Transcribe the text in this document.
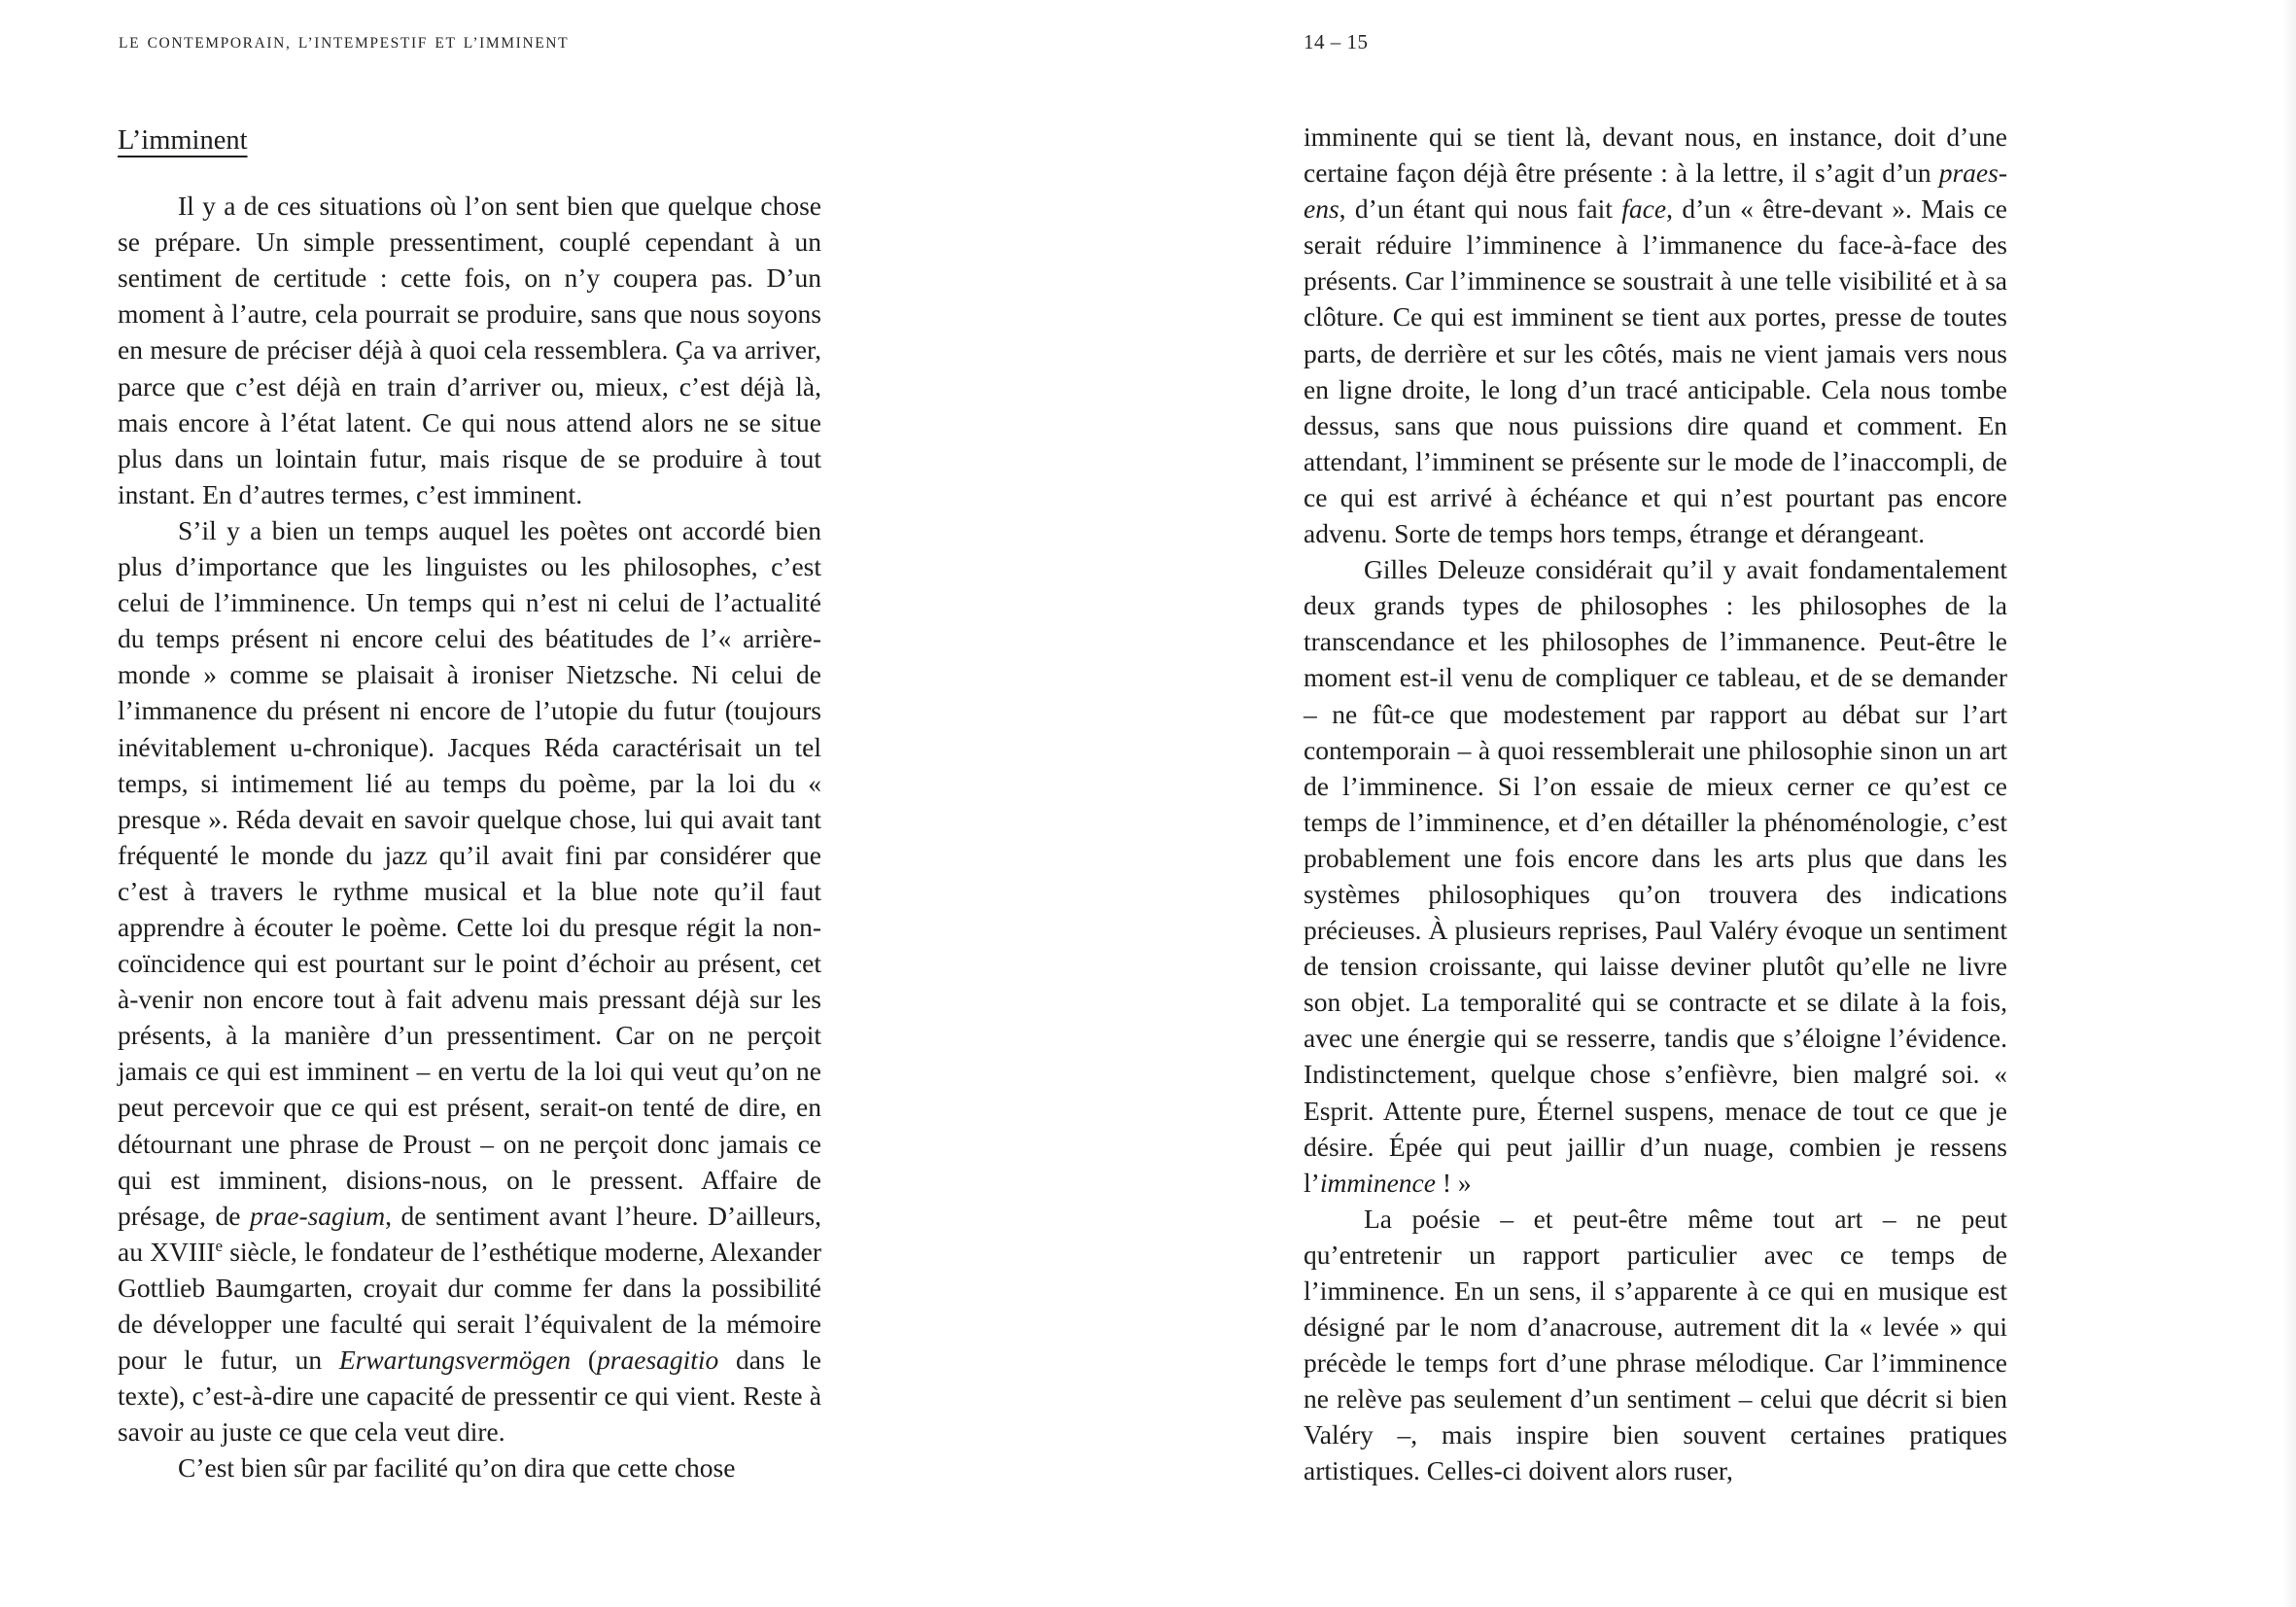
LE CONTEMPORAIN, L’INTEMPESTIF ET L’IMMINENT	14 – 15
L’imminent

Il y a de ces situations où l’on sent bien que quelque chose se prépare. Un simple pressentiment, couplé cependant à un sentiment de certitude : cette fois, on n’y coupera pas. D’un moment à l’autre, cela pourrait se produire, sans que nous soyons en mesure de préciser déjà à quoi cela ressemblera. Ça va arriver, parce que c’est déjà en train d’arriver ou, mieux, c’est déjà là, mais encore à l’état latent. Ce qui nous attend alors ne se situe plus dans un lointain futur, mais risque de se produire à tout instant. En d’autres termes, c’est imminent.

S’il y a bien un temps auquel les poètes ont accordé bien plus d’importance que les linguistes ou les philosophes, c’est celui de l’imminence. Un temps qui n’est ni celui de l’actualité du temps présent ni encore celui des béatitudes de l’« arrière-monde » comme se plaisait à ironiser Nietzsche. Ni celui de l’immanence du présent ni encore de l’utopie du futur (toujours inévitablement u-chronique). Jacques Réda caractérisait un tel temps, si intimement lié au temps du poème, par la loi du « presque ». Réda devait en savoir quelque chose, lui qui avait tant fréquenté le monde du jazz qu’il avait fini par considérer que c’est à travers le rythme musical et la blue note qu’il faut apprendre à écouter le poème. Cette loi du presque régit la non-coïncidence qui est pourtant sur le point d’échoir au présent, cet à-venir non encore tout à fait advenu mais pressant déjà sur les présents, à la manière d’un pressentiment. Car on ne perçoit jamais ce qui est imminent – en vertu de la loi qui veut qu’on ne peut percevoir que ce qui est présent, serait-on tenté de dire, en détournant une phrase de Proust – on ne perçoit donc jamais ce qui est imminent, disions-nous, on le pressent. Affaire de présage, de prae-sagium, de sentiment avant l’heure. D’ailleurs, au XVIIIe siècle, le fondateur de l’esthétique moderne, Alexander Gottlieb Baumgarten, croyait dur comme fer dans la possibilité de développer une faculté qui serait l’équivalent de la mémoire pour le futur, un Erwartungsvermögen (praesagitio dans le texte), c’est-à-dire une capacité de pressentir ce qui vient. Reste à savoir au juste ce que cela veut dire.

C’est bien sûr par facilité qu’on dira que cette chose

imminente qui se tient là, devant nous, en instance, doit d’une certaine façon déjà être présente : à la lettre, il s’agit d’un praes-ens, d’un étant qui nous fait face, d’un « être-devant ». Mais ce serait réduire l’imminence à l’immanence du face-à-face des présents. Car l’imminence se soustrait à une telle visibilité et à sa clôture. Ce qui est imminent se tient aux portes, presse de toutes parts, de derrière et sur les côtés, mais ne vient jamais vers nous en ligne droite, le long d’un tracé anticipable. Cela nous tombe dessus, sans que nous puissions dire quand et comment. En attendant, l’imminent se présente sur le mode de l’inaccompli, de ce qui est arrivé à échéance et qui n’est pourtant pas encore advenu. Sorte de temps hors temps, étrange et dérangeant.

Gilles Deleuze considérait qu’il y avait fondamentalement deux grands types de philosophes : les philosophes de la transcendance et les philosophes de l’immanence. Peut-être le moment est-il venu de compliquer ce tableau, et de se demander – ne fût-ce que modestement par rapport au débat sur l’art contemporain – à quoi ressemblerait une philosophie sinon un art de l’imminence. Si l’on essaie de mieux cerner ce qu’est ce temps de l’imminence, et d’en détailler la phénoménologie, c’est probablement une fois encore dans les arts plus que dans les systèmes philosophiques qu’on trouvera des indications précieuses. À plusieurs reprises, Paul Valéry évoque un sentiment de tension croissante, qui laisse deviner plutôt qu’elle ne livre son objet. La temporalité qui se contracte et se dilate à la fois, avec une énergie qui se resserre, tandis que s’éloigne l’évidence. Indistinctement, quelque chose s’enfièvre, bien malgré soi. « Esprit. Attente pure, Éternel suspens, menace de tout ce que je désire. Épée qui peut jaillir d’un nuage, combien je ressens l’imminence ! »

La poésie – et peut-être même tout art – ne peut qu’entretenir un rapport particulier avec ce temps de l’imminence. En un sens, il s’apparente à ce qui en musique est désigné par le nom d’anacrouse, autrement dit la « levée » qui précède le temps fort d’une phrase mélodique. Car l’imminence ne relève pas seulement d’un sentiment – celui que décrit si bien Valéry –, mais inspire bien souvent certaines pratiques artistiques. Celles-ci doivent alors ruser,
